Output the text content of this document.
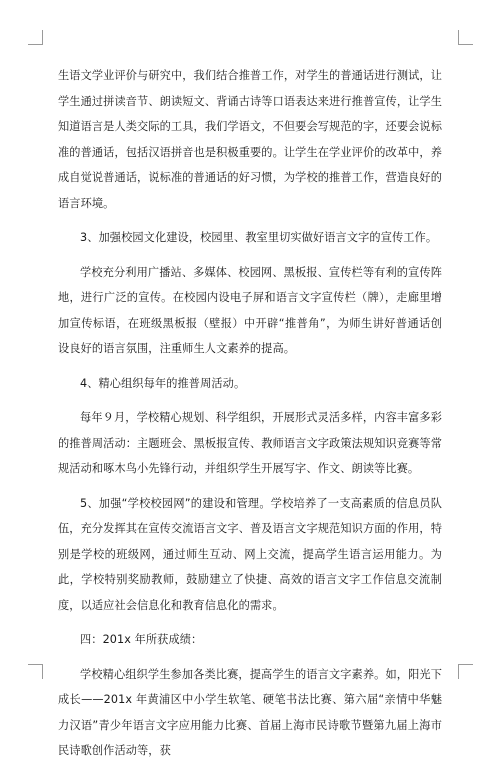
生语文学业评价与研究中，我们结合推普工作，对学生的普通话进行测试，让学生通过拼读音节、朗读短文、背诵古诗等口语表达来进行推普宣传，让学生知道语言是人类交际的工具，我们学语文，不但要会写规范的字，还要会说标准的普通话，包括汉语拼音也是积极重要的。让学生在学业评价的改革中，养成自觉说普通话，说标准的普通话的好习惯，为学校的推普工作，营造良好的语言环境。

3、加强校园文化建设，校园里、教室里切实做好语言文字的宣传工作。

学校充分利用广播站、多媒体、校园网、黑板报、宣传栏等有利的宣传阵地，进行广泛的宣传。在校园内设电子屏和语言文字宣传栏（牌），走廊里增加宣传标语，在班级黑板报（壁报）中开辟“推普角”，为师生讲好普通话创设良好的语言氛围，注重师生人文素养的提高。

4、精心组织每年的推普周活动。

每年９月，学校精心规划、科学组织，开展形式灵活多样，内容丰富多彩的推普周活动：主题班会、黑板报宣传、教师语言文字政策法规知识竞赛等常规活动和啄木鸟小先锋行动，并组织学生开展写字、作文、朗读等比赛。

5、加强“学校校园网”的建设和管理。学校培养了一支高素质的信息员队伍，充分发挥其在宣传交流语言文字、普及语言文字规范知识方面的作用，特别是学校的班级网，通过师生互动、网上交流，提高学生语言运用能力。为此，学校特别奖励教师，鼓励建立了快捷、高效的语言文字工作信息交流制度，以适应社会信息化和教育信息化的需求。

四：201x 年所获成绩：

学校精心组织学生参加各类比赛，提高学生的语言文字素养。如，阳光下成长——201x 年黄浦区中小学生软笔、硬笔书法比赛、第六届“亲情中华魅力汉语”青少年语言文字应用能力比赛、首届上海市民诗歌节暨第九届上海市民诗歌创作活动等，获
